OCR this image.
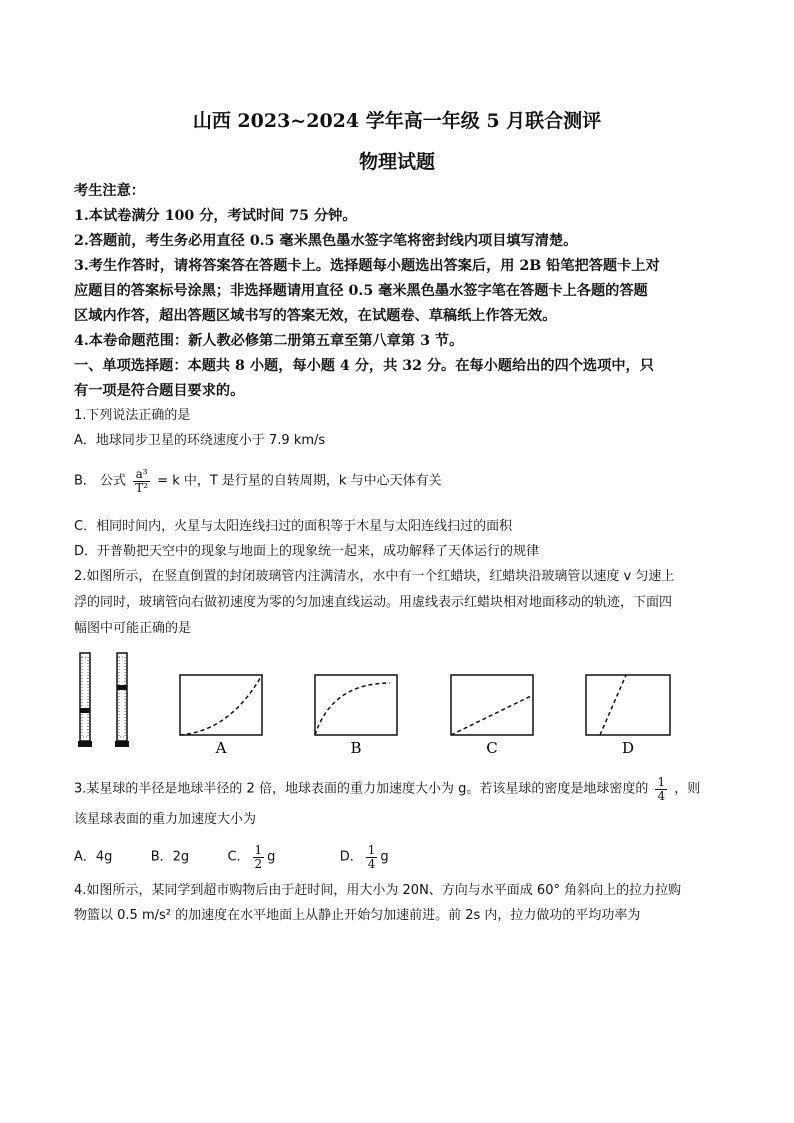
山西 2023~2024 学年高一年级 5 月联合测评
物理试题
考生注意：
1.本试卷满分 100 分，考试时间 75 分钟。
2.答题前，考生务必用直径 0.5 毫米黑色墨水签字笔将密封线内项目填写清楚。
3.考生作答时，请将答案答在答题卡上。选择题每小题选出答案后，用 2B 铅笔把答题卡上对
应题目的答案标号涂黑；非选择题请用直径 0.5 毫米黑色墨水签字笔在答题卡上各题的答题
区域内作答，超出答题区域书写的答案无效，在试题卷、草稿纸上作答无效。
4.本卷命题范围：新人教必修第二册第五章至第八章第 3 节。
一、单项选择题：本题共 8 小题，每小题 4 分，共 32 分。在每小题给出的四个选项中，只
有一项是符合题目要求的。
1.下列说法正确的是
A．地球同步卫星的环绕速度小于 7.9 km/s
B． 公式 $\frac{\text{a³}}{\text{T²}} = k$ 中，T 是行星的自转周期，k 与中心天体有关
C．相同时间内，火星与太阳连线扫过的面积等于木星与太阳连线扫过的面积
D．开普勒把天空中的现象与地面上的现象统一起来，成功解释了天体运行的规律
2.如图所示，在竖直倒置的封闭玻璃管内注满清水，水中有一个红蜡块，红蜡块沿玻璃管以速度 v 匀速上
浮的同时，玻璃管向右做初速度为零的匀加速直线运动。用虚线表示红蜡块相对地面移动的轨迹，下面四
幅图中可能正确的是
A	B	C	D
3.某星球的半径是地球半径的 2 倍，地球表面的重力加速度大小为 g。若该星球的密度是地球密度的 $\frac{1}{4}$ ，则
该星球表面的重力加速度大小为
A．4g	B．2g	C． $\frac{1}{2}$ g	D． $\frac{1}{4}$ g
4.如图所示，某同学到超市购物后由于赶时间，用大小为 20N、方向与水平面成 60° 角斜向上的拉力拉购
物篮以 0.5 m/s² 的加速度在水平地面上从静止开始匀加速前进。前 2s 内，拉力做功的平均功率为
